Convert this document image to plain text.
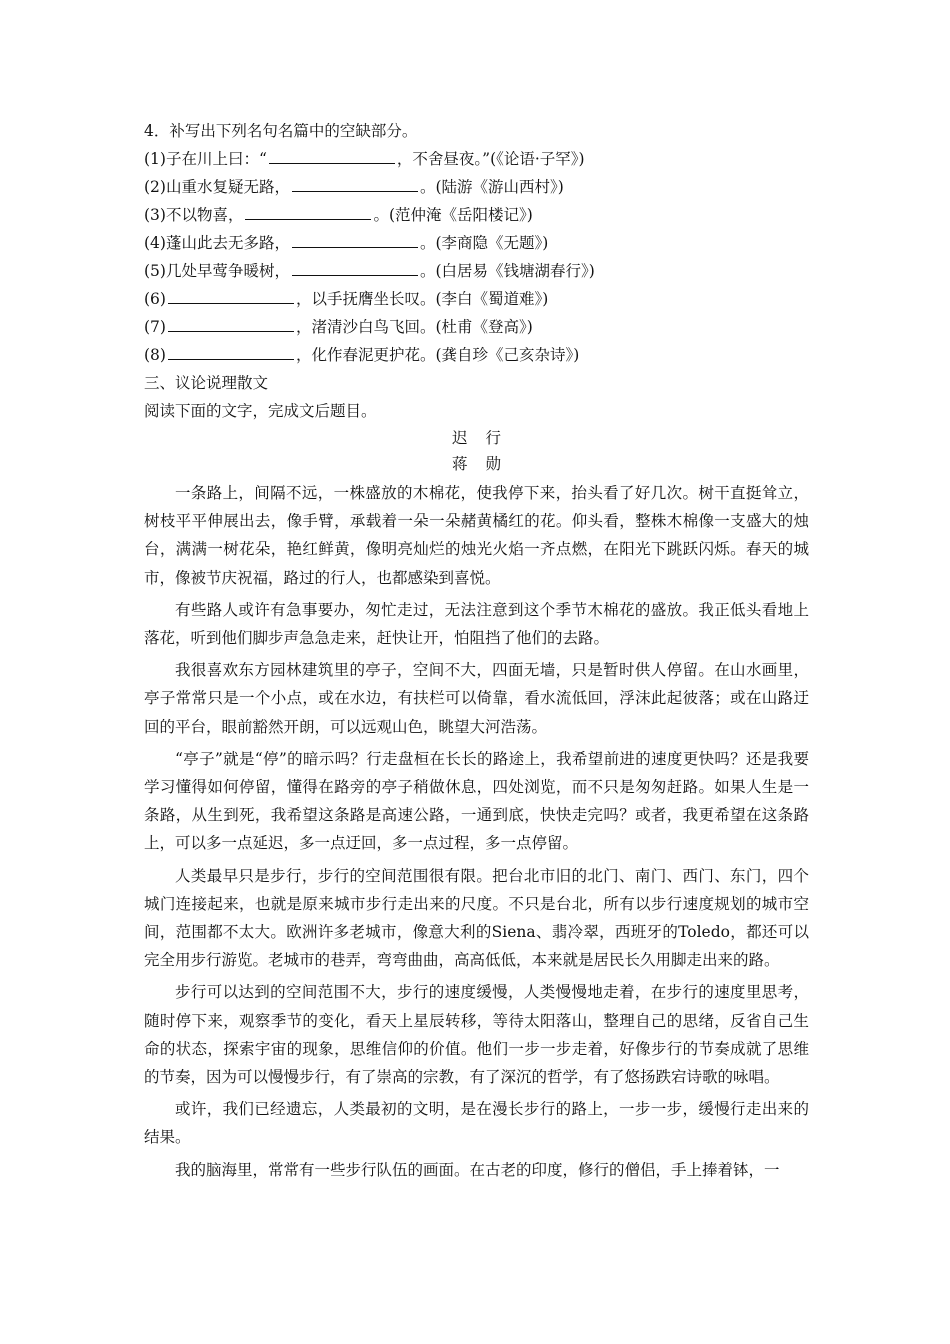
4．补写出下列名句名篇中的空缺部分。
(1)子在川上曰：“	，不舍昼夜。”(《论语·子罕》)
(2)山重水复疑无路，	。(陆游《游山西村》)
(3)不以物喜，	。(范仲淹《岳阳楼记》)
(4)蓬山此去无多路，	。(李商隐《无题》)
(5)几处早莺争暖树，	。(白居易《钱塘湖春行》)
(6)	，以手抚膺坐长叹。(李白《蜀道难》)
(7)	，渚清沙白鸟飞回。(杜甫《登高》)
(8)	，化作春泥更护花。(龚自珍《己亥杂诗》)
三、议论说理散文
阅读下面的文字，完成文后题目。
迟行
蒋勋

一条路上，间隔不远，一株盛放的木棉花，使我停下来，抬头看了好几次。树干直挺耸立，树枝平平伸展出去，像手臂，承载着一朵一朵赭黄橘红的花。仰头看，整株木棉像一支盛大的烛台，满满一树花朵，艳红鲜黄，像明亮灿烂的烛光火焰一齐点燃，在阳光下跳跃闪烁。春天的城市，像被节庆祝福，路过的行人，也都感染到喜悦。

有些路人或许有急事要办，匆忙走过，无法注意到这个季节木棉花的盛放。我正低头看地上落花，听到他们脚步声急急走来，赶快让开，怕阻挡了他们的去路。

我很喜欢东方园林建筑里的亭子，空间不大，四面无墙，只是暂时供人停留。在山水画里，亭子常常只是一个小点，或在水边，有扶栏可以倚靠，看水流低回，浮沫此起彼落；或在山路迂回的平台，眼前豁然开朗，可以远观山色，眺望大河浩荡。

“亭子”就是“停”的暗示吗？行走盘桓在长长的路途上，我希望前进的速度更快吗？还是我要学习懂得如何停留，懂得在路旁的亭子稍做休息，四处浏览，而不只是匆匆赶路。如果人生是一条路，从生到死，我希望这条路是高速公路，一通到底，快快走完吗？或者，我更希望在这条路上，可以多一点延迟，多一点迂回，多一点过程，多一点停留。

人类最早只是步行，步行的空间范围很有限。把台北市旧的北门、南门、西门、东门，四个城门连接起来，也就是原来城市步行走出来的尺度。不只是台北，所有以步行速度规划的城市空间，范围都不太大。欧洲许多老城市，像意大利的Siena、翡冷翠，西班牙的Toledo，都还可以完全用步行游览。老城市的巷弄，弯弯曲曲，高高低低，本来就是居民长久用脚走出来的路。

步行可以达到的空间范围不大，步行的速度缓慢，人类慢慢地走着，在步行的速度里思考，随时停下来，观察季节的变化，看天上星辰转移，等待太阳落山，整理自己的思绪，反省自己生命的状态，探索宇宙的现象，思维信仰的价值。他们一步一步走着，好像步行的节奏成就了思维的节奏，因为可以慢慢步行，有了崇高的宗教，有了深沉的哲学，有了悠扬跌宕诗歌的咏唱。

或许，我们已经遗忘，人类最初的文明，是在漫长步行的路上，一步一步，缓慢行走出来的结果。

我的脑海里，常常有一些步行队伍的画面。在古老的印度，修行的僧侣，手上捧着钵，一
